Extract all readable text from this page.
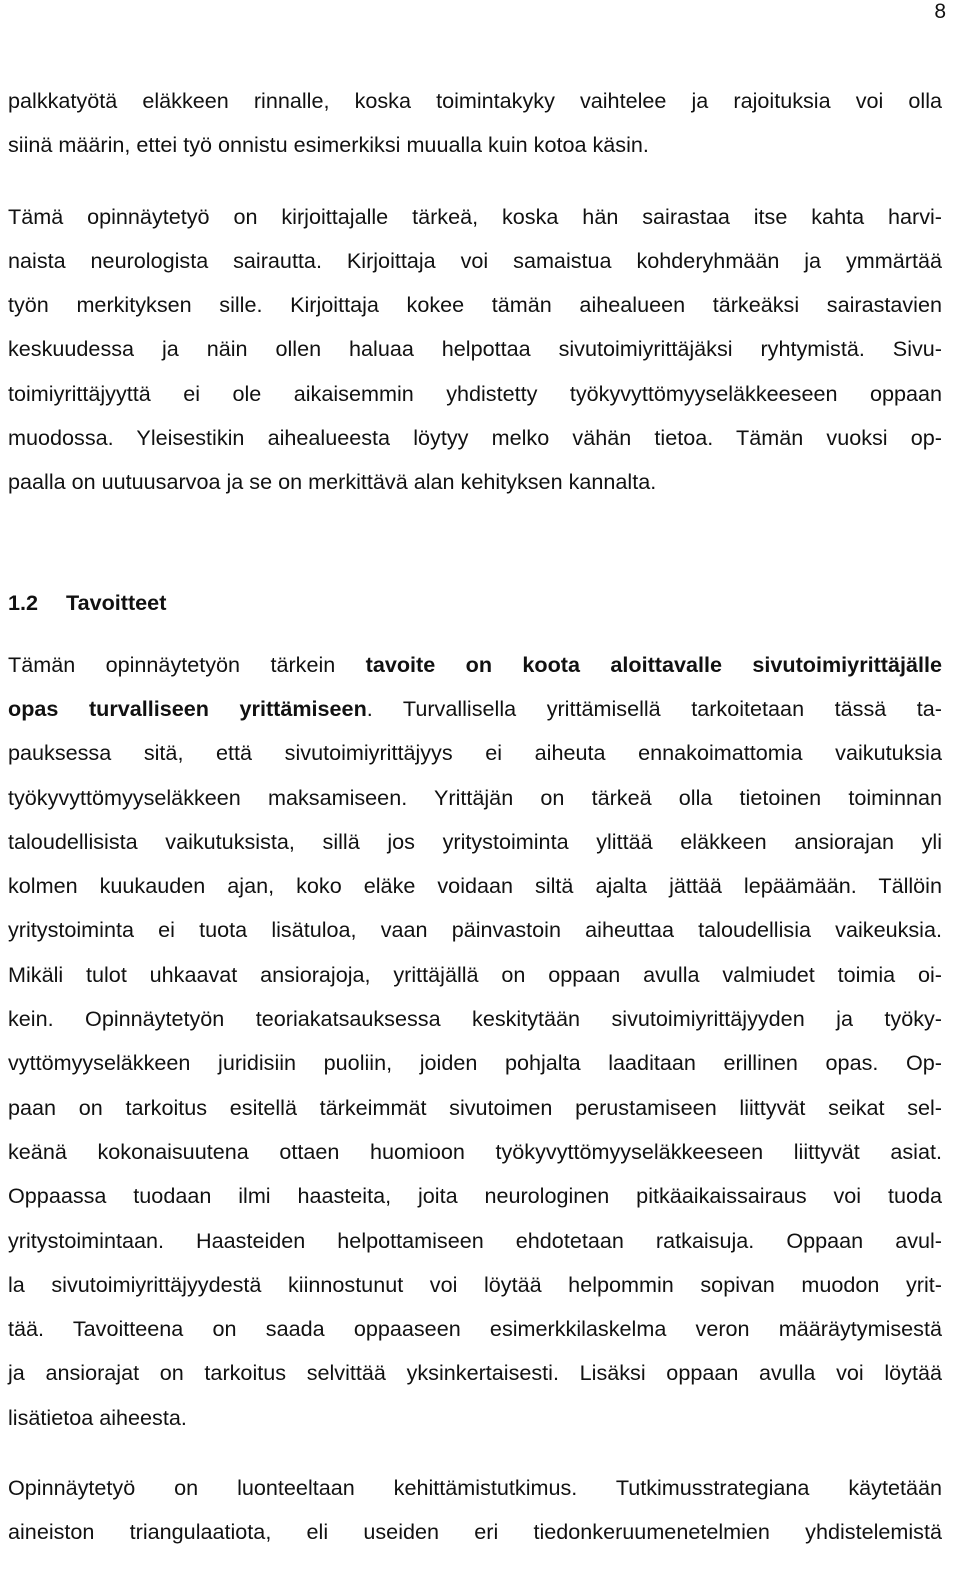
8
palkkatyötä eläkkeen rinnalle, koska toimintakyky vaihtelee ja rajoituksia voi olla
siinä määrin, ettei työ onnistu esimerkiksi muualla kuin kotoa käsin.
Tämä opinnäytetyö on kirjoittajalle tärkeä, koska hän sairastaa itse kahta harvi-
naista neurologista sairautta. Kirjoittaja voi samaistua kohderyhmään ja ymmärtää
työn merkityksen sille. Kirjoittaja kokee tämän aihealueen tärkeäksi sairastavien
keskuudessa ja näin ollen haluaa helpottaa sivutoimiyrittäjäksi ryhtymistä. Sivu-
toimiyrittäjyyttä ei ole aikaisemmin yhdistetty työkyvyttömyyseläkkeeseen oppaan
muodossa. Yleisestikin aihealueesta löytyy melko vähän tietoa. Tämän vuoksi op-
paalla on uutuusarvoa ja se on merkittävä alan kehityksen kannalta.
1.2 Tavoitteet
Tämän opinnäytetyön tärkein tavoite on koota aloittavalle sivutoimiyrittäjälle
opas turvalliseen yrittämiseen. Turvallisella yrittämisellä tarkoitetaan tässä ta-
pauksessa sitä, että sivutoimiyrittäjyys ei aiheuta ennakoimattomia vaikutuksia
työkyvyttömyyseläkkeen maksamiseen. Yrittäjän on tärkeä olla tietoinen toiminnan
taloudellisista vaikutuksista, sillä jos yritystoiminta ylittää eläkkeen ansiorajan yli
kolmen kuukauden ajan, koko eläke voidaan siltä ajalta jättää lepäämään. Tällöin
yritystoiminta ei tuota lisätuloa, vaan päinvastoin aiheuttaa taloudellisia vaikeuksia.
Mikäli tulot uhkaavat ansiorajoja, yrittäjällä on oppaan avulla valmiudet toimia oi-
kein. Opinnäytetyön teoriakatsauksessa keskitytään sivutoimiyrittäjyyden ja työky-
vyttömyyseläkkeen juridisiin puoliin, joiden pohjalta laaditaan erillinen opas. Op-
paan on tarkoitus esitellä tärkeimmät sivutoimen perustamiseen liittyvät seikat sel-
keänä kokonaisuutena ottaen huomioon työkyvyttömyyseläkkeeseen liittyvät asiat.
Oppaassa tuodaan ilmi haasteita, joita neurologinen pitkäaikaissairaus voi tuoda
yritystoimintaan. Haasteiden helpottamiseen ehdotetaan ratkaisuja. Oppaan avul-
la sivutoimiyrittäjyydestä kiinnostunut voi löytää helpommin sopivan muodon yrit-
tää. Tavoitteena on saada oppaaseen esimerkkilaskelma veron määräytymisestä
ja ansiorajat on tarkoitus selvittää yksinkertaisesti. Lisäksi oppaan avulla voi löytää
lisätietoa aiheesta.
Opinnäytetyö on luonteeltaan kehittämistutkimus. Tutkimusstrategiana käytetään
aineiston triangulaatiota, eli useiden eri tiedonkeruumenetelmien yhdistelemistä
